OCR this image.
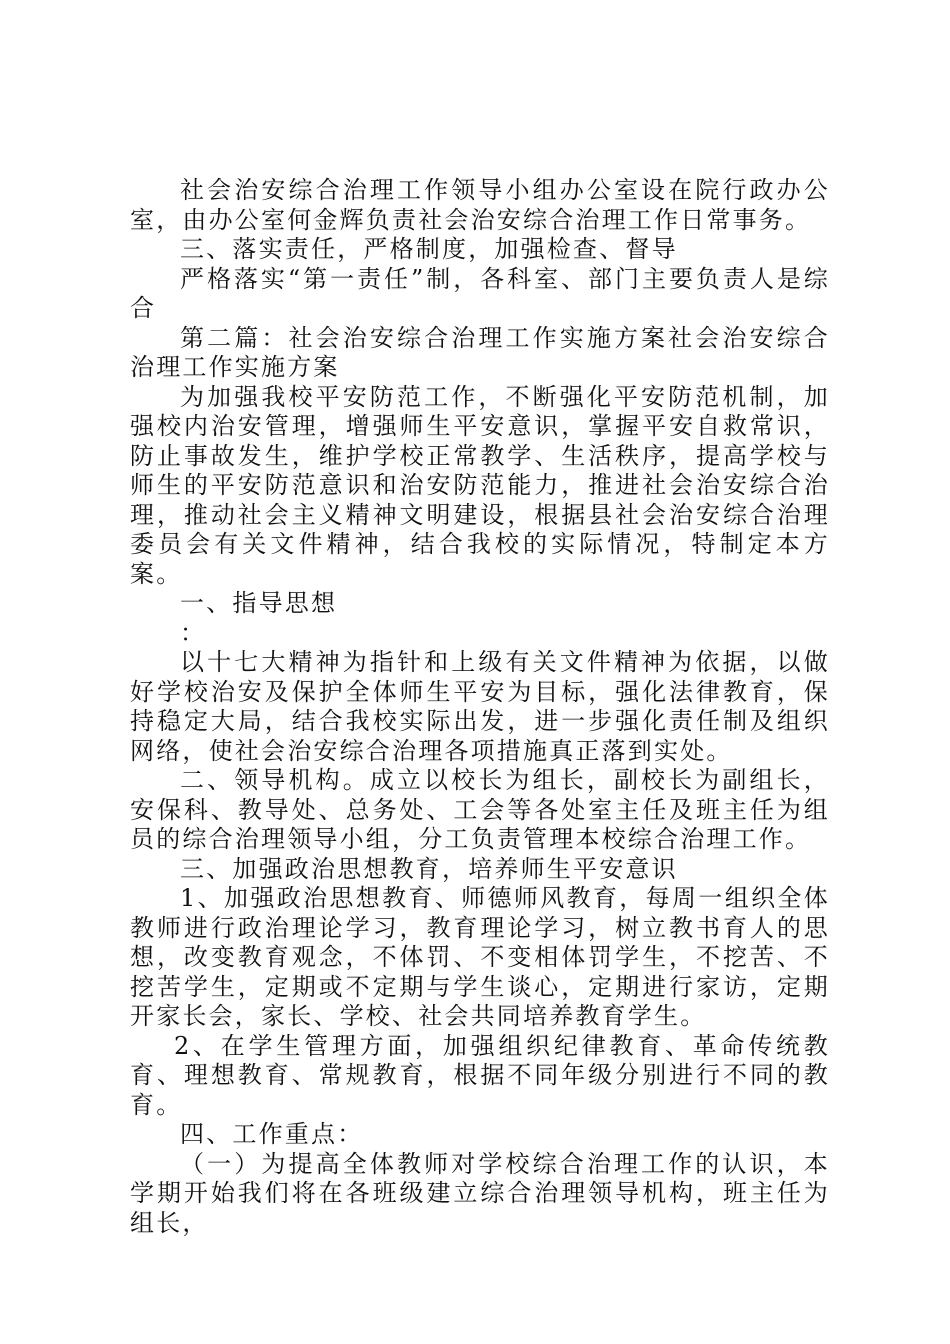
社会治安综合治理工作领导小组办公室设在院行政办公室，由办公室何金辉负责社会治安综合治理工作日常事务。

三、落实责任，严格制度，加强检查、督导

严格落实“第一责任”制，各科室、部门主要负责人是综合

第二篇：社会治安综合治理工作实施方案社会治安综合治理工作实施方案

为加强我校平安防范工作，不断强化平安防范机制，加强校内治安管理，增强师生平安意识，掌握平安自救常识，防止事故发生，维护学校正常教学、生活秩序，提高学校与师生的平安防范意识和治安防范能力，推进社会治安综合治理，推动社会主义精神文明建设，根据县社会治安综合治理委员会有关文件精神，结合我校的实际情况，特制定本方案。

一、指导思想

：

以十七大精神为指针和上级有关文件精神为依据，以做好学校治安及保护全体师生平安为目标，强化法律教育，保持稳定大局，结合我校实际出发，进一步强化责任制及组织网络，使社会治安综合治理各项措施真正落到实处。

二、领导机构。成立以校长为组长，副校长为副组长，安保科、教导处、总务处、工会等各处室主任及班主任为组员的综合治理领导小组，分工负责管理本校综合治理工作。

三、加强政治思想教育，培养师生平安意识

1、加强政治思想教育、师德师风教育，每周一组织全体教师进行政治理论学习，教育理论学习，树立教书育人的思想，改变教育观念，不体罚、不变相体罚学生，不挖苦、不挖苦学生，定期或不定期与学生谈心，定期进行家访，定期开家长会，家长、学校、社会共同培养教育学生。

2、在学生管理方面，加强组织纪律教育、革命传统教育、理想教育、常规教育，根据不同年级分别进行不同的教育。

四、工作重点：

（一）为提高全体教师对学校综合治理工作的认识，本学期开始我们将在各班级建立综合治理领导机构，班主任为组长，
